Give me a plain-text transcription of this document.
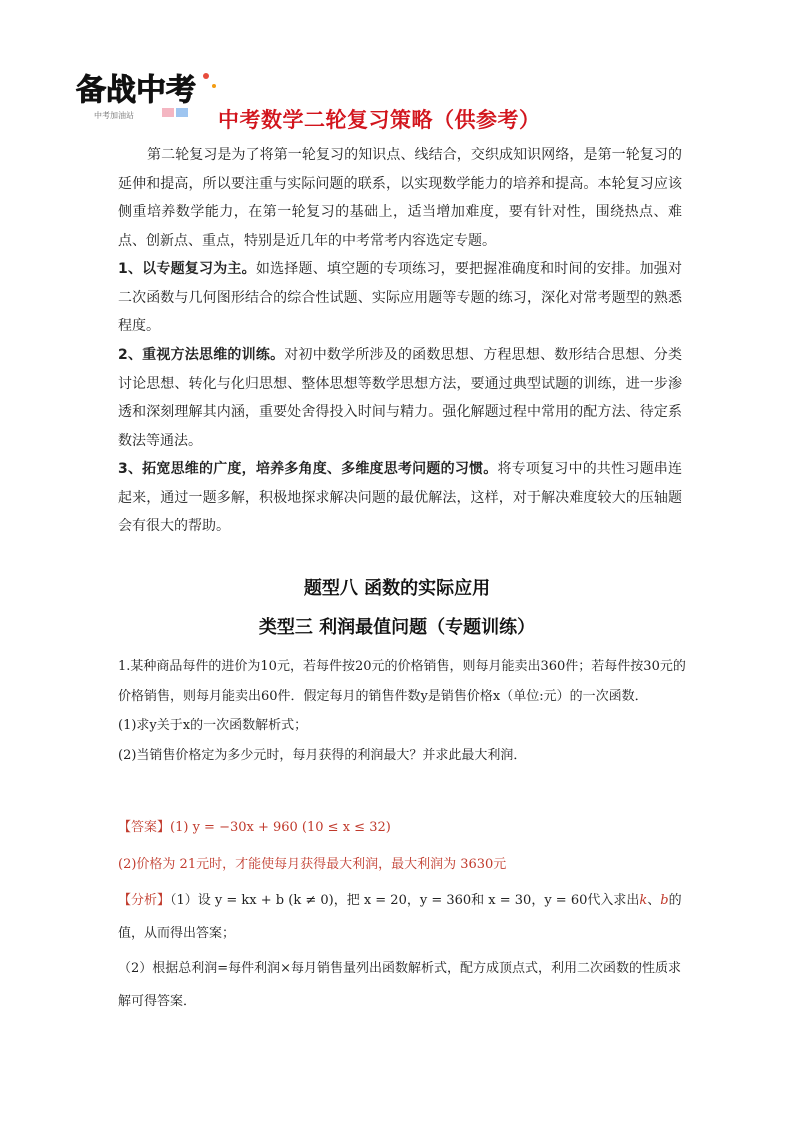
备战中考
中考加油站	中考数学二轮复习策略（供参考）
第二轮复习是为了将第一轮复习的知识点、线结合，交织成知识网络，是第一轮复习的延伸和提高，所以要注重与实际问题的联系，以实现数学能力的培养和提高。本轮复习应该侧重培养数学能力，在第一轮复习的基础上，适当增加难度，要有针对性，围绕热点、难点、创新点、重点，特别是近几年的中考常考内容选定专题。
1、以专题复习为主。如选择题、填空题的专项练习，要把握准确度和时间的安排。加强对二次函数与几何图形结合的综合性试题、实际应用题等专题的练习，深化对常考题型的熟悉程度。
2、重视方法思维的训练。对初中数学所涉及的函数思想、方程思想、数形结合思想、分类讨论思想、转化与化归思想、整体思想等数学思想方法，要通过典型试题的训练，进一步渗透和深刻理解其内涵，重要处舍得投入时间与精力。强化解题过程中常用的配方法、待定系数法等通法。
3、拓宽思维的广度，培养多角度、多维度思考问题的习惯。将专项复习中的共性习题串连起来，通过一题多解，积极地探求解决问题的最优解法，这样，对于解决难度较大的压轴题会有很大的帮助。
题型八 函数的实际应用
类型三 利润最值问题（专题训练）
1.某种商品每件的进价为10元，若每件按20元的价格销售，则每月能卖出360件；若每件按30元的价格销售，则每月能卖出60件．假定每月的销售件数y是销售价格x（单位:元）的一次函数．
(1)求y关于x的一次函数解析式；
(2)当销售价格定为多少元时，每月获得的利润最大？并求此最大利润．
【答案】(1) y = −30x + 960 (10 ≤ x ≤ 32)
(2)价格为 21元时，才能使每月获得最大利润，最大利润为 3630元
【分析】（1）设 y = kx + b (k ≠ 0)，把 x = 20，y = 360和 x = 30，y = 60代入求出k、b的值，从而得出答案；
（2）根据总利润=每件利润×每月销售量列出函数解析式，配方成顶点式，利用二次函数的性质求解可得答案．
